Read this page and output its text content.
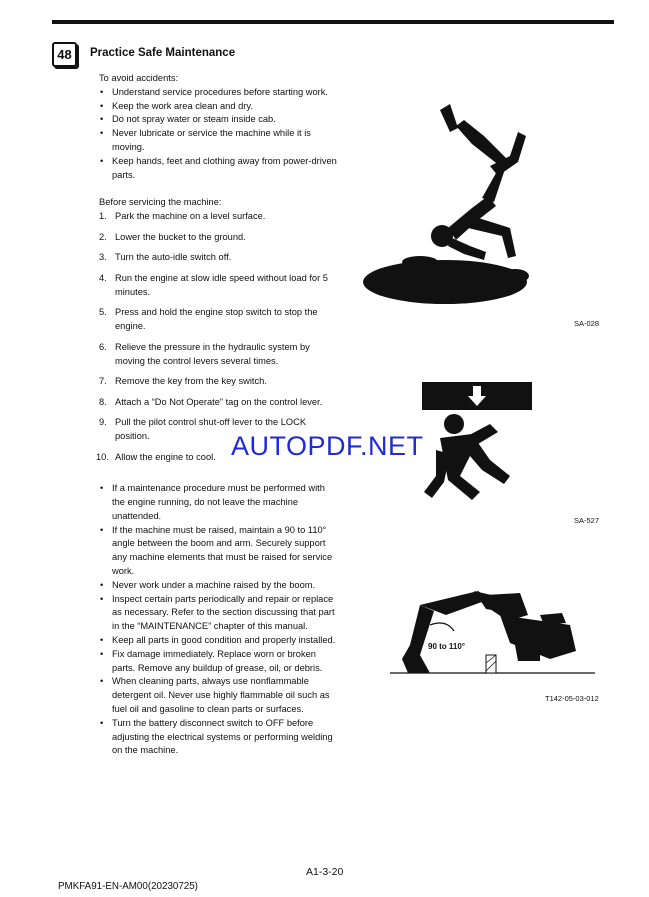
48	Practice Safe Maintenance

To avoid accidents:

• Understand service procedures before starting work.
• Keep the work area clean and dry.
• Do not spray water or steam inside cab.
• Never lubricate or service the machine while it is moving.
• Keep hands, feet and clothing away from power-driven parts.

Before servicing the machine:

1. Park the machine on a level surface.
2. Lower the bucket to the ground.
3. Turn the auto-idle switch off.
4. Run the engine at slow idle speed without load for 5 minutes.
5. Press and hold the engine stop switch to stop the engine.
6. Relieve the pressure in the hydraulic system by moving the control levers several times.
7. Remove the key from the key switch.
8. Attach a “Do Not Operate” tag on the control lever.
9. Pull the pilot control shut-off lever to the LOCK position.
10. Allow the engine to cool.
• If a maintenance procedure must be performed with the engine running, do not leave the machine unattended.
• If the machine must be raised, maintain a 90 to 110° angle between the boom and arm. Securely support any machine elements that must be raised for service work.
• Never work under a machine raised by the boom.
• Inspect certain parts periodically and repair or replace as necessary. Refer to the section discussing that part in the “MAINTENANCE” chapter of this manual.
• Keep all parts in good condition and properly installed.
• Fix damage immediately. Replace worn or broken parts. Remove any buildup of grease, oil, or debris.
• When cleaning parts, always use nonflammable detergent oil. Never use highly flammable oil such as fuel oil and gasoline to clean parts or surfaces.
• Turn the battery disconnect switch to OFF before adjusting the electrical systems or performing welding on the machine.
AUTOPDF.NET
SA-028
SA-527
90 to 110°
T142-05-03-012
A1-3-20
PMKFA91-EN-AM00(20230725)
